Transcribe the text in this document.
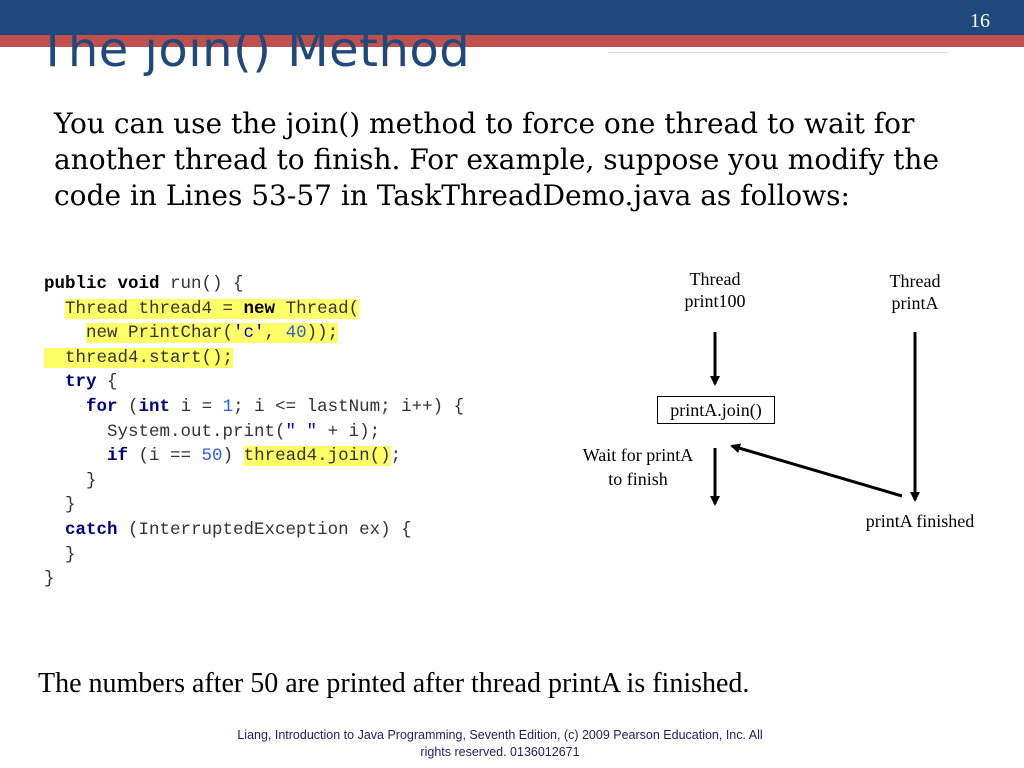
16
The join() Method
You can use the join() method to force one thread to wait for another thread to finish. For example, suppose you modify the code in Lines 53-57 in TaskThreadDemo.java as follows:
public void run() {
Thread thread4 = new Thread(
new PrintChar('c', 40));
thread4.start();
try {
for (int i = 1; i <= lastNum; i++) {
System.out.print(" " + i);
if (i == 50) thread4.join();
}
}
catch (InterruptedException ex) {
}
}
Thread
print100
Thread
printA
printA.join()
Wait for printA
to finish
printA finished
The numbers after 50 are printed after thread printA is finished.
Liang, Introduction to Java Programming, Seventh Edition, (c) 2009 Pearson Education, Inc. All
rights reserved. 0136012671
